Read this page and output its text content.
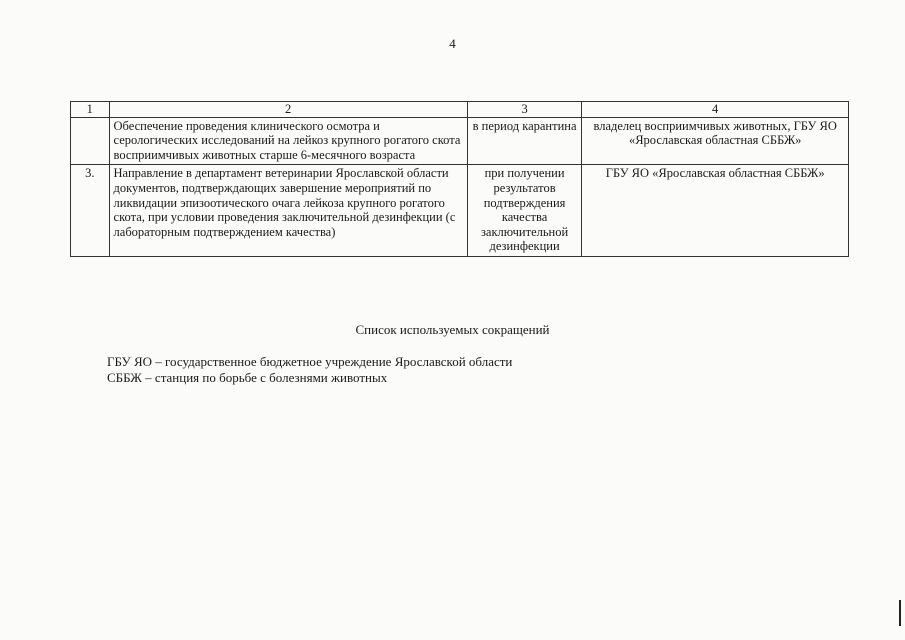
4
1	2	3	4
	Обеспечение проведения клинического осмотра и серологических исследований на лейкоз крупного рогатого скота восприимчивых животных старше 6-месячного возраста	в период карантина	владелец восприимчивых животных, ГБУ ЯО «Ярославская областная СББЖ»
3.	Направление в департамент ветеринарии Ярославской области документов, подтверждающих завершение мероприятий по ликвидации эпизоотического очага лейкоза крупного рогатого скота, при условии проведения заключительной дезинфекции (с лабораторным подтверждением качества)	при получении результатов подтверждения качества заключительной дезинфекции	ГБУ ЯО «Ярославская областная СББЖ»
Список используемых сокращений
ГБУ ЯО – государственное бюджетное учреждение Ярославской области
СББЖ – станция по борьбе с болезнями животных
